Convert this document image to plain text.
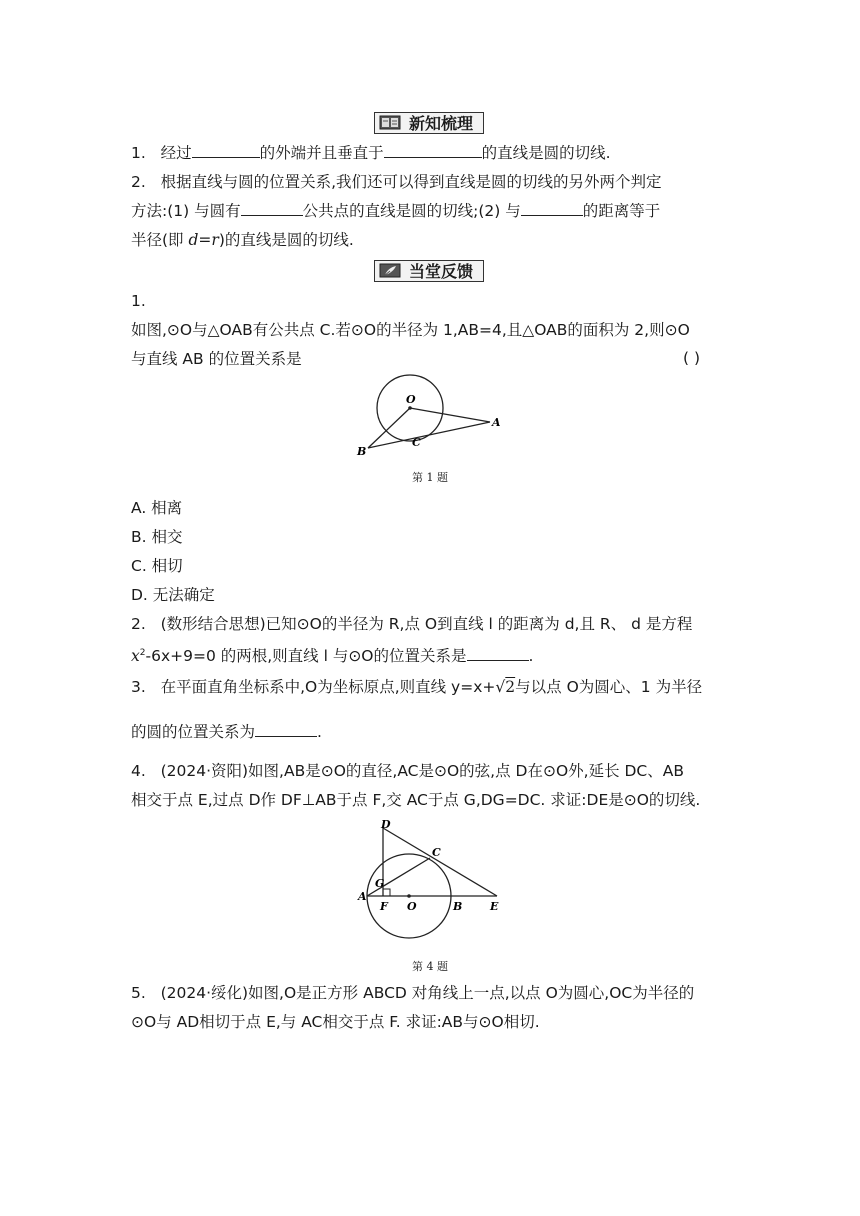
新知梳理
1. 经过	的外端并且垂直于	的直线是圆的切线.
2. 根据直线与圆的位置关系,我们还可以得到直线是圆的切线的另外两个判定
方法:(1) 与圆有	公共点的直线是圆的切线;(2) 与	的距离等于
半径(即 d=r)的直线是圆的切线.
当堂反馈
1.
如图,⊙O与△OAB有公共点 C.若⊙O的半径为 1,AB=4,且△OAB的面积为 2,则⊙O
与直线 AB 的位置关系是	( )
O
A
B
C
第 1 题
A. 相离
B. 相交
C. 相切
D. 无法确定
2. (数形结合思想)已知⊙O的半径为 R,点 O到直线 l 的距离为 d,且 R、 d 是方程
$x^2-6x+9=0$ 的两根,则直线 l 与⊙O的位置关系是	.
3. 在平面直角坐标系中,O为坐标原点,则直线 y=x+√2与以点 O为圆心、1 为半径
的圆的位置关系为	.
4. (2024·资阳)如图,AB是⊙O的直径,AC是⊙O的弦,点 D在⊙O外,延长 DC、AB
相交于点 E,过点 D作 DF⊥AB于点 F,交 AC于点 G,DG=DC. 求证:DE是⊙O的切线.
D
C
G
A
F O	B	E
第 4 题
5. (2024·绥化)如图,O是正方形 ABCD 对角线上一点,以点 O为圆心,OC为半径的
⊙O与 AD相切于点 E,与 AC相交于点 F. 求证:AB与⊙O相切.
